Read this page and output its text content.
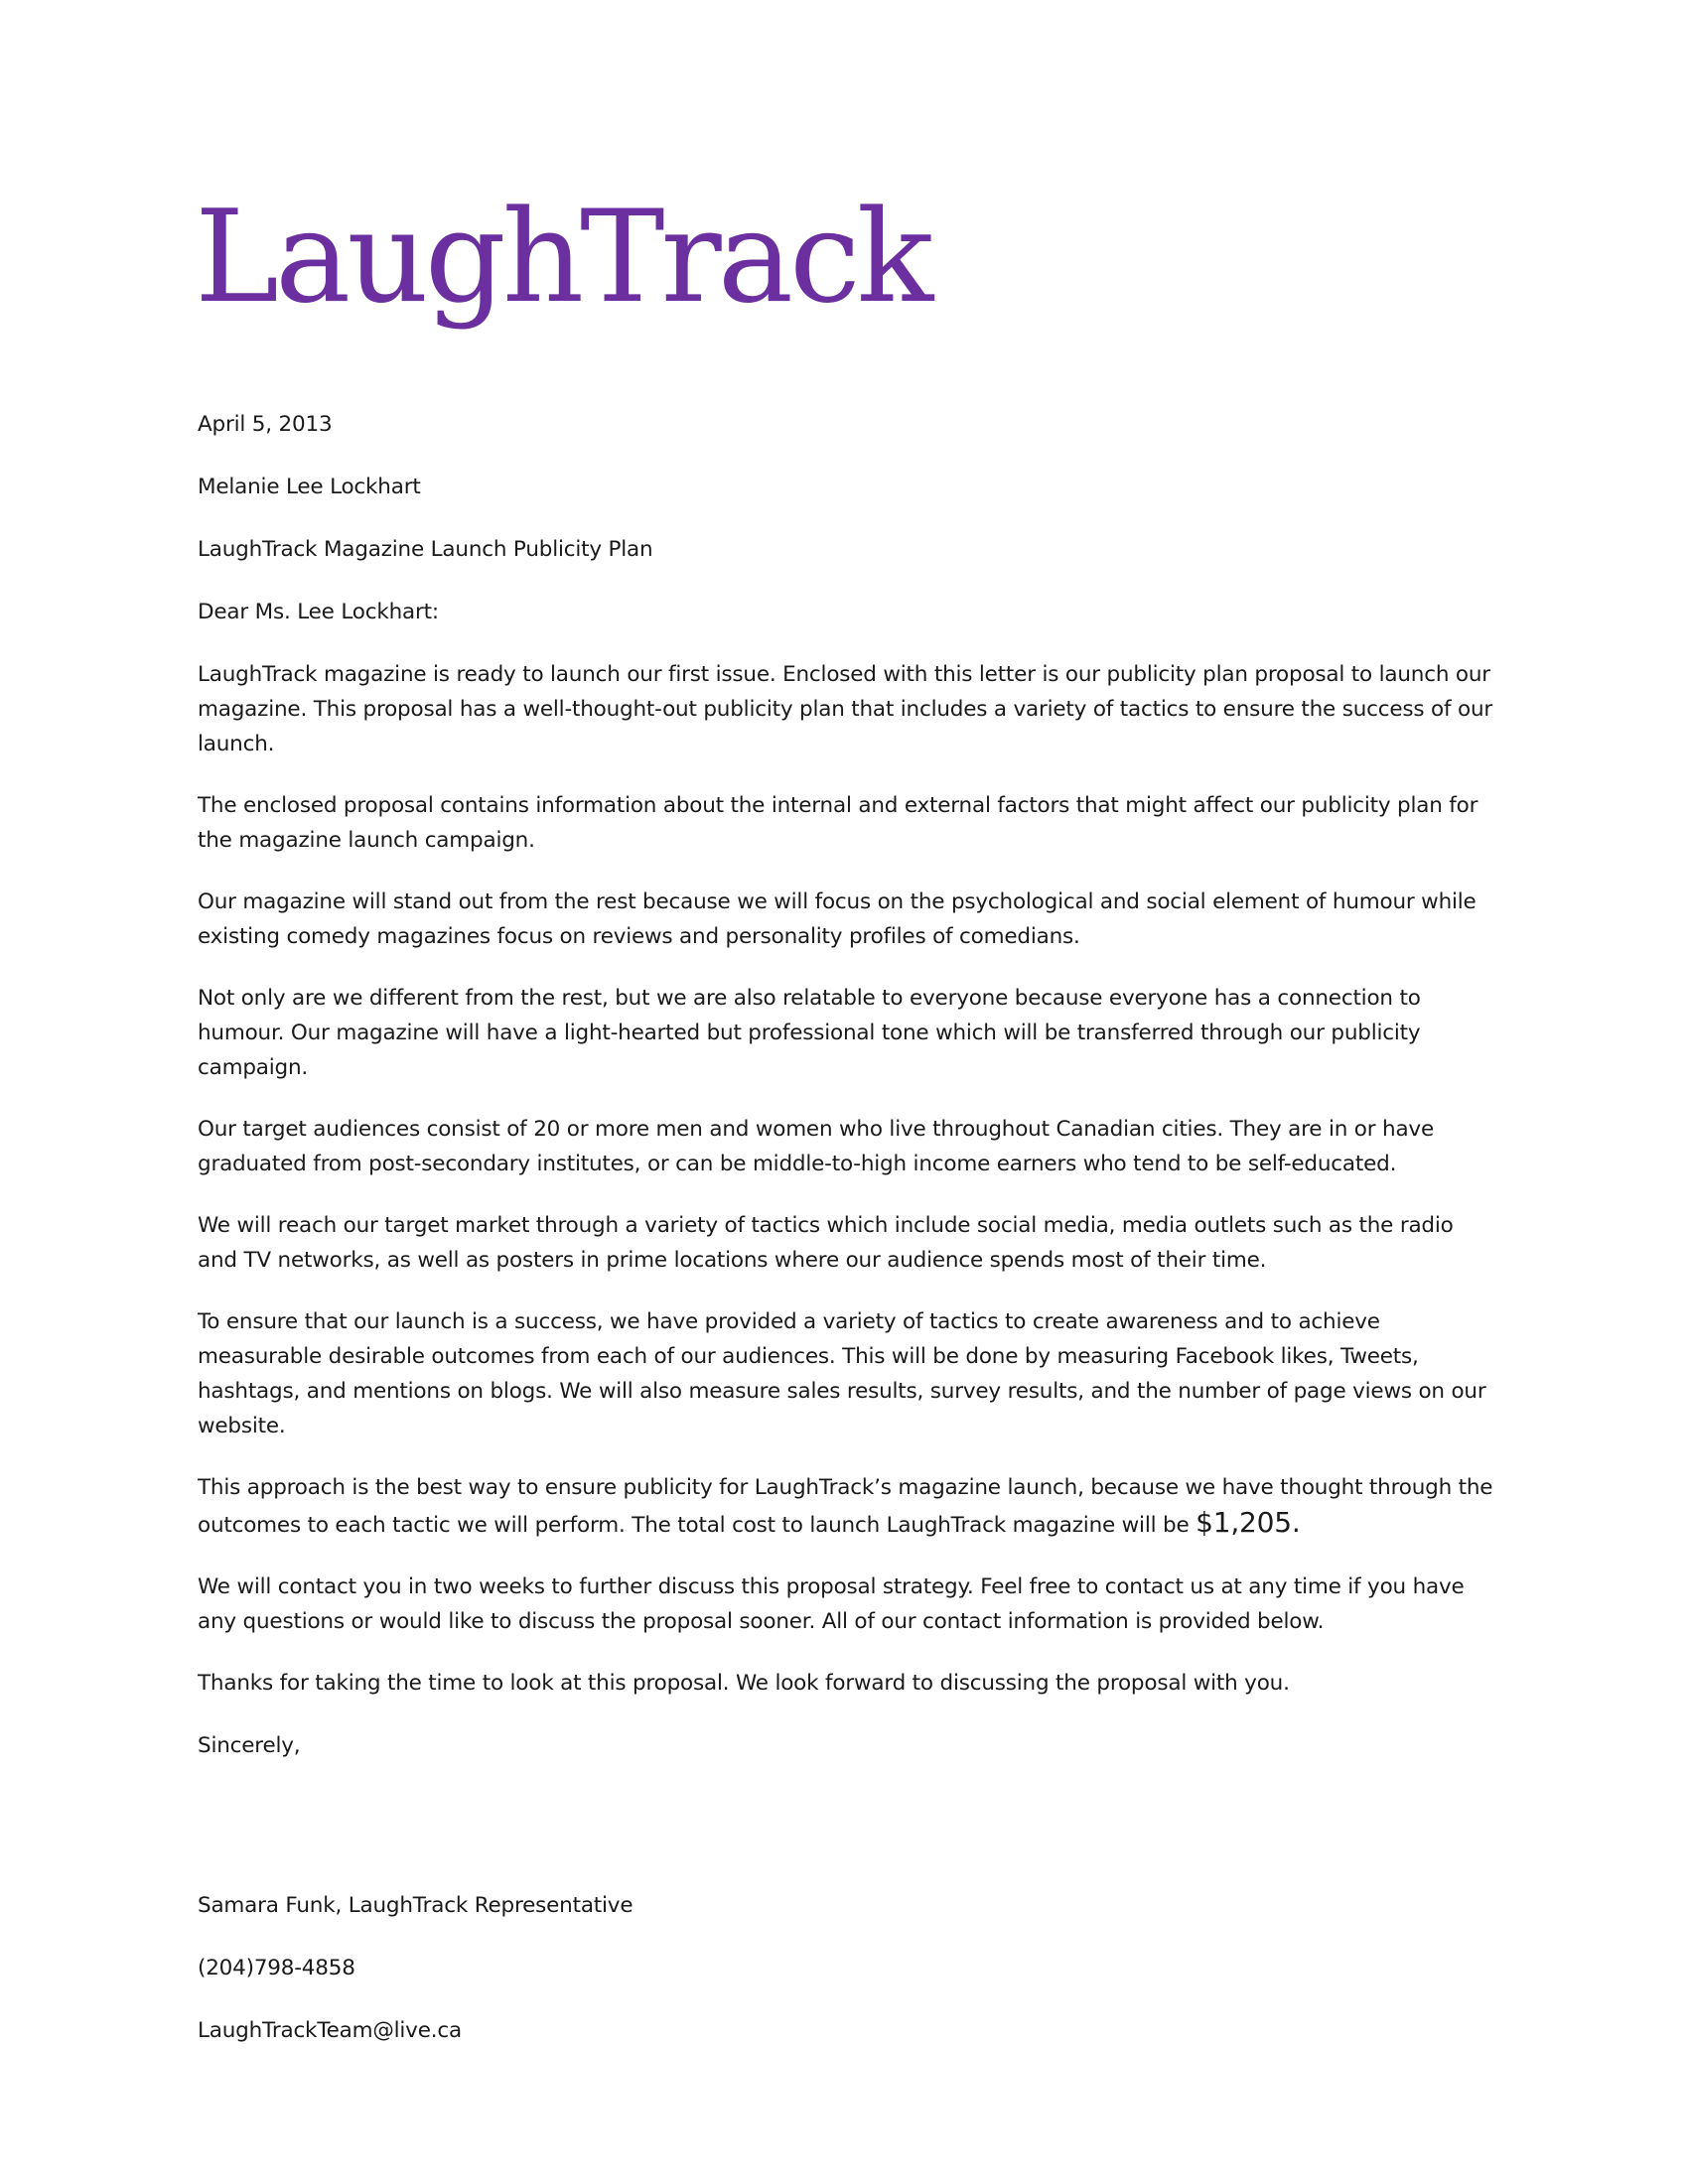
LaughTrack

April 5, 2013

Melanie Lee Lockhart

LaughTrack Magazine Launch Publicity Plan

Dear Ms. Lee Lockhart:

LaughTrack magazine is ready to launch our first issue. Enclosed with this letter is our publicity plan proposal to launch our magazine. This proposal has a well-thought-out publicity plan that includes a variety of tactics to ensure the success of our launch.

The enclosed proposal contains information about the internal and external factors that might affect our publicity plan for the magazine launch campaign.

Our magazine will stand out from the rest because we will focus on the psychological and social element of humour while existing comedy magazines focus on reviews and personality profiles of comedians.

Not only are we different from the rest, but we are also relatable to everyone because everyone has a connection to humour. Our magazine will have a light-hearted but professional tone which will be transferred through our publicity campaign.

Our target audiences consist of 20 or more men and women who live throughout Canadian cities. They are in or have graduated from post-secondary institutes, or can be middle-to-high income earners who tend to be self-educated.

We will reach our target market through a variety of tactics which include social media, media outlets such as the radio and TV networks, as well as posters in prime locations where our audience spends most of their time.

To ensure that our launch is a success, we have provided a variety of tactics to create awareness and to achieve measurable desirable outcomes from each of our audiences. This will be done by measuring Facebook likes, Tweets, hashtags, and mentions on blogs. We will also measure sales results, survey results, and the number of page views on our website.

This approach is the best way to ensure publicity for LaughTrack’s magazine launch, because we have thought through the outcomes to each tactic we will perform. The total cost to launch LaughTrack magazine will be $1,205.

We will contact you in two weeks to further discuss this proposal strategy. Feel free to contact us at any time if you have any questions or would like to discuss the proposal sooner. All of our contact information is provided below.

Thanks for taking the time to look at this proposal. We look forward to discussing the proposal with you.

Sincerely,

Samara Funk, LaughTrack Representative

(204)798-4858

LaughTrackTeam@live.ca
